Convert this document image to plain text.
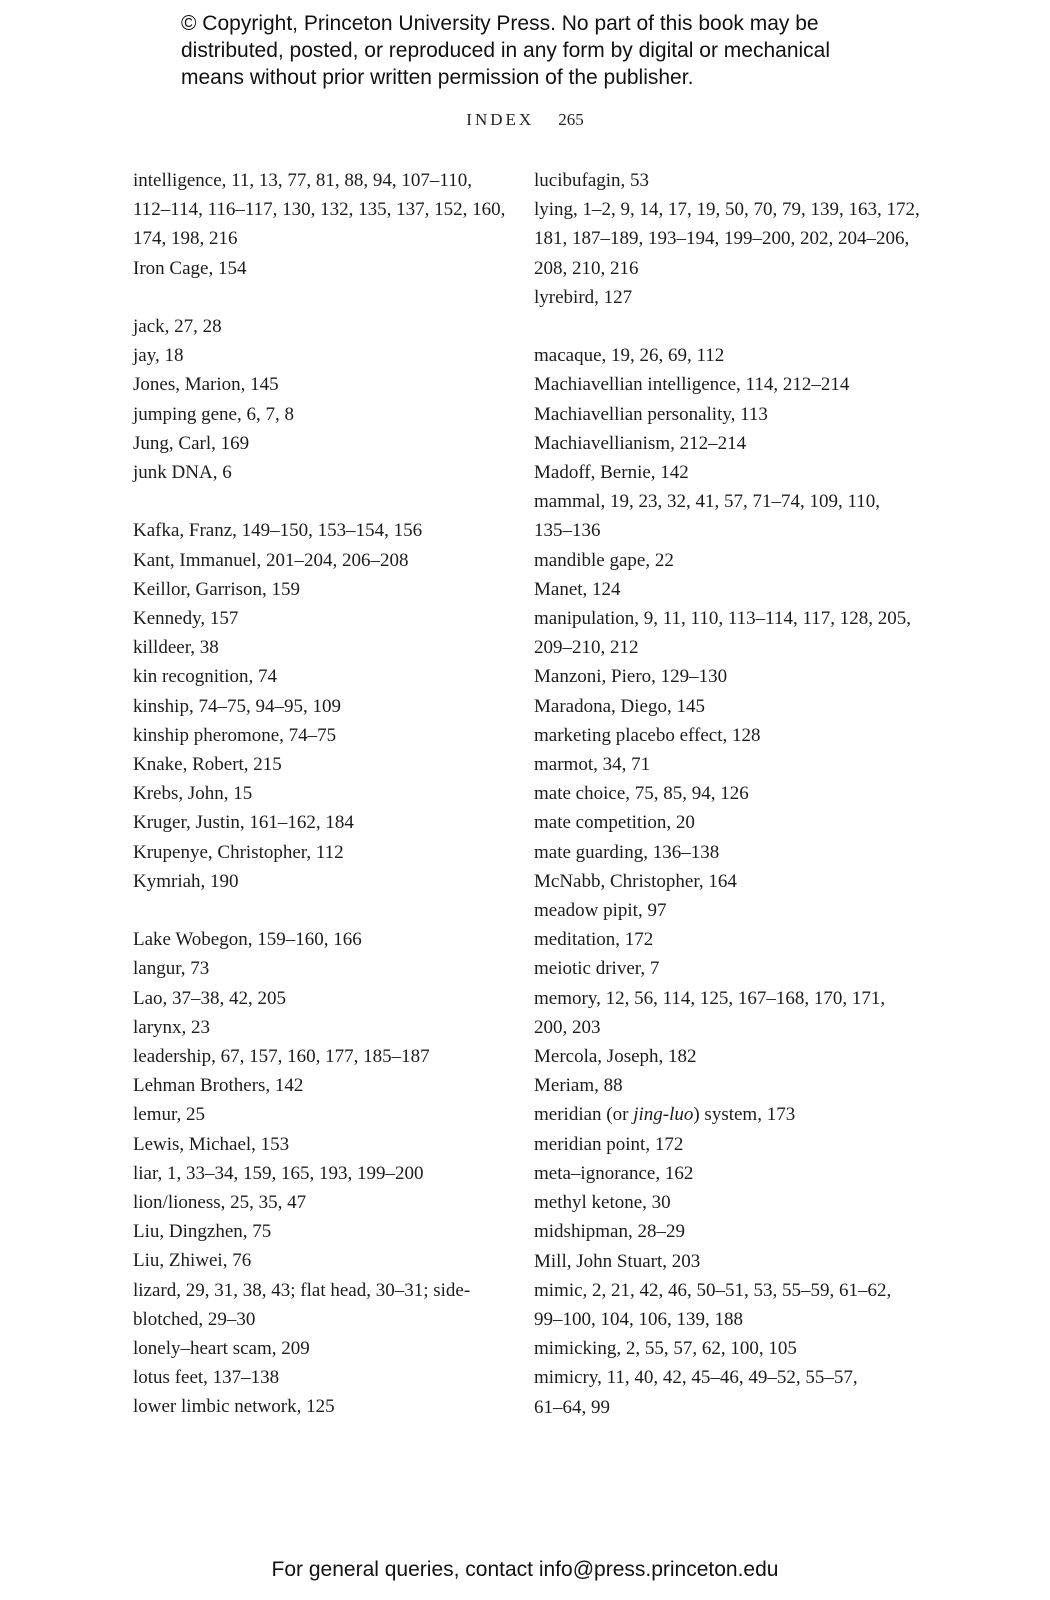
© Copyright, Princeton University Press. No part of this book may be
distributed, posted, or reproduced in any form by digital or mechanical
means without prior written permission of the publisher.
INDEX 265
intelligence, 11, 13, 77, 81, 88, 94, 107–110,
112–114, 116–117, 130, 132, 135, 137, 152, 160,
174, 198, 216
Iron Cage, 154
jack, 27, 28
jay, 18
Jones, Marion, 145
jumping gene, 6, 7, 8
Jung, Carl, 169
junk DNA, 6
Kafka, Franz, 149–150, 153–154, 156
Kant, Immanuel, 201–204, 206–208
Keillor, Garrison, 159
Kennedy, 157
killdeer, 38
kin recognition, 74
kinship, 74–75, 94–95, 109
kinship pheromone, 74–75
Knake, Robert, 215
Krebs, John, 15
Kruger, Justin, 161–162, 184
Krupenye, Christopher, 112
Kymriah, 190
Lake Wobegon, 159–160, 166
langur, 73
Lao, 37–38, 42, 205
larynx, 23
leadership, 67, 157, 160, 177, 185–187
Lehman Brothers, 142
lemur, 25
Lewis, Michael, 153
liar, 1, 33–34, 159, 165, 193, 199–200
lion/lioness, 25, 35, 47
Liu, Dingzhen, 75
Liu, Zhiwei, 76
lizard, 29, 31, 38, 43; flat head, 30–31; side-
blotched, 29–30
lonely–heart scam, 209
lotus feet, 137–138
lower limbic network, 125
lucibufagin, 53
lying, 1–2, 9, 14, 17, 19, 50, 70, 79, 139, 163, 172,
181, 187–189, 193–194, 199–200, 202, 204–206,
208, 210, 216
lyrebird, 127
macaque, 19, 26, 69, 112
Machiavellian intelligence, 114, 212–214
Machiavellian personality, 113
Machiavellianism, 212–214
Madoff, Bernie, 142
mammal, 19, 23, 32, 41, 57, 71–74, 109, 110,
135–136
mandible gape, 22
Manet, 124
manipulation, 9, 11, 110, 113–114, 117, 128, 205,
209–210, 212
Manzoni, Piero, 129–130
Maradona, Diego, 145
marketing placebo effect, 128
marmot, 34, 71
mate choice, 75, 85, 94, 126
mate competition, 20
mate guarding, 136–138
McNabb, Christopher, 164
meadow pipit, 97
meditation, 172
meiotic driver, 7
memory, 12, 56, 114, 125, 167–168, 170, 171,
200, 203
Mercola, Joseph, 182
Meriam, 88
meridian (or jing-luo) system, 173
meridian point, 172
meta–ignorance, 162
methyl ketone, 30
midshipman, 28–29
Mill, John Stuart, 203
mimic, 2, 21, 42, 46, 50–51, 53, 55–59, 61–62,
99–100, 104, 106, 139, 188
mimicking, 2, 55, 57, 62, 100, 105
mimicry, 11, 40, 42, 45–46, 49–52, 55–57,
61–64, 99
For general queries, contact info@press.princeton.edu
